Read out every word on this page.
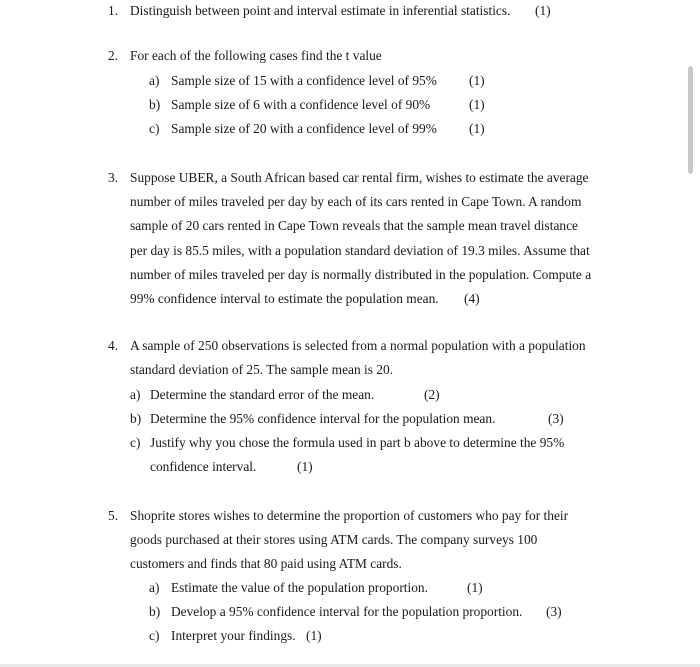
1. Distinguish between point and interval estimate in inferential statistics. (1)
2. For each of the following cases find the t value
a) Sample size of 15 with a confidence level of 95% (1)
b) Sample size of 6 with a confidence level of 90%	(1)
c) Sample size of 20 with a confidence level of 99% (1)
3. Suppose UBER, a South African based car rental firm, wishes to estimate the average
number of miles traveled per day by each of its cars rented in Cape Town. A random
sample of 20 cars rented in Cape Town reveals that the sample mean travel distance
per day is 85.5 miles, with a population standard deviation of 19.3 miles. Assume that
number of miles traveled per day is normally distributed in the population. Compute a
99% confidence interval to estimate the population mean. (4)
4. A sample of 250 observations is selected from a normal population with a population
standard deviation of 25. The sample mean is 20.
a) Determine the standard error of the mean.	(2)
b) Determine the 95% confidence interval for the population mean.	(3)
c) Justify why you chose the formula used in part b above to determine the 95%
confidence interval.	(1)
5. Shoprite stores wishes to determine the proportion of customers who pay for their
goods purchased at their stores using ATM cards. The company surveys 100
customers and finds that 80 paid using ATM cards.
a) Estimate the value of the population proportion.	(1)
b) Develop a 95% confidence interval for the population proportion. (3)
c) Interpret your findings. (1)
